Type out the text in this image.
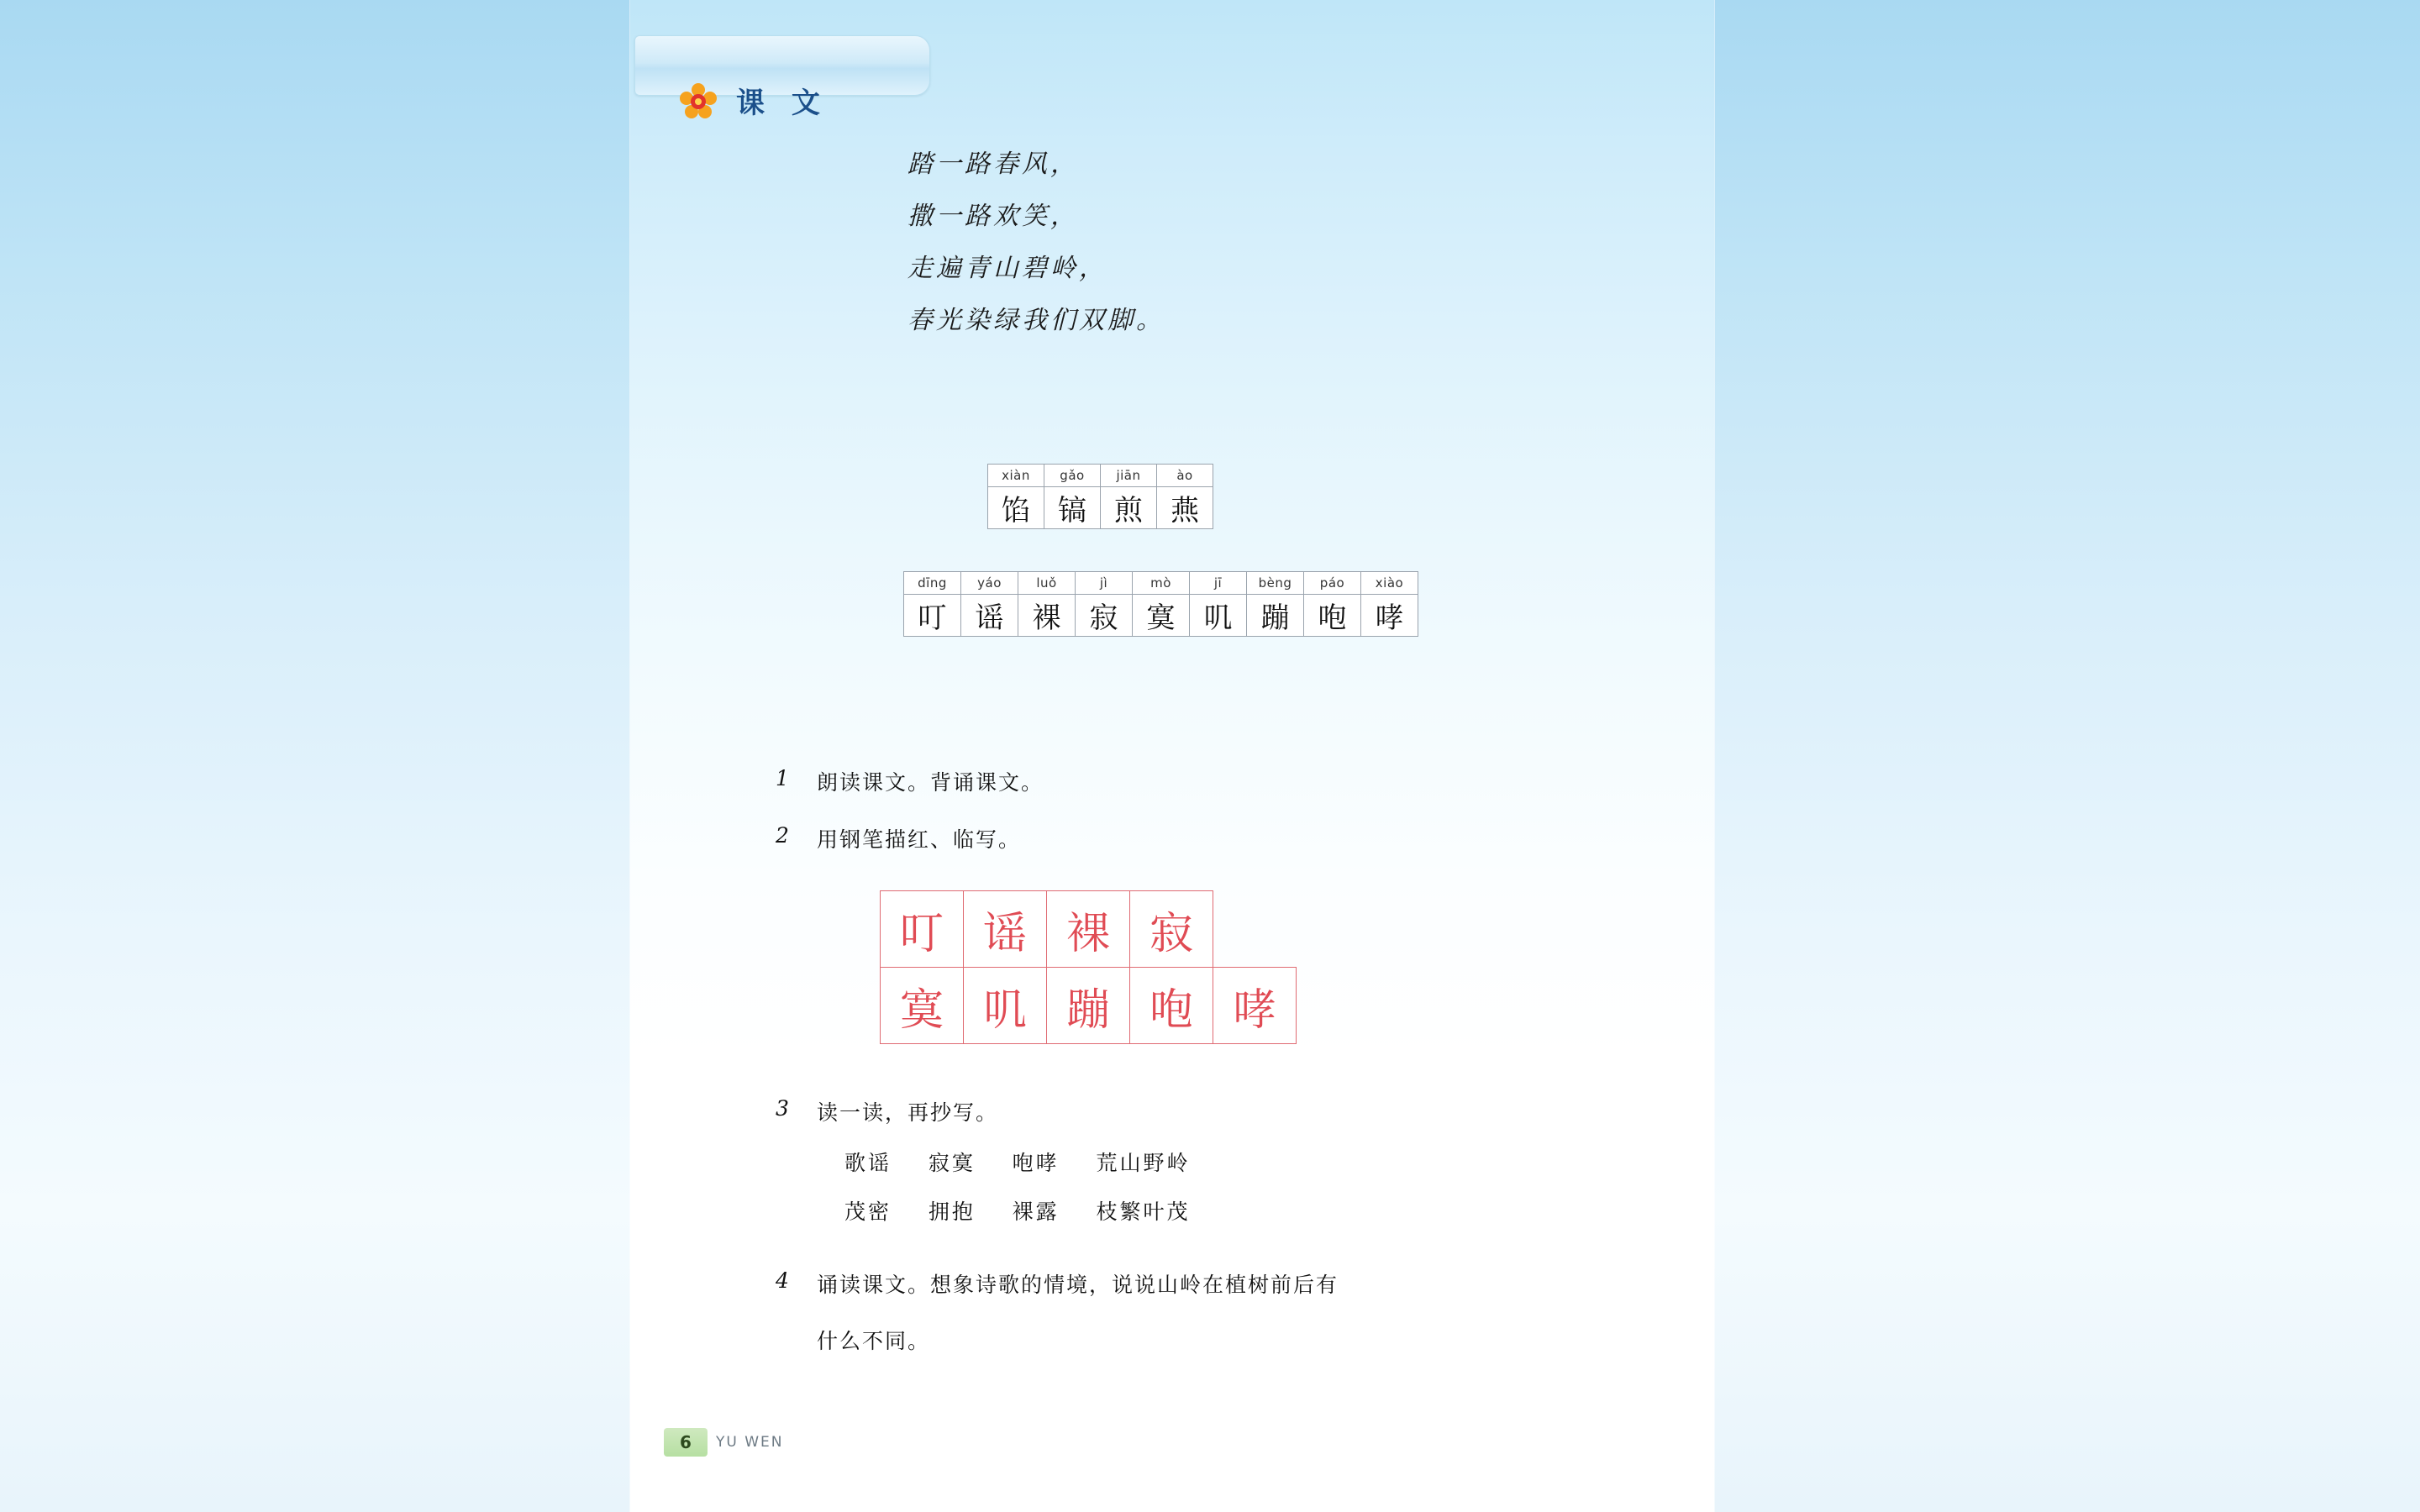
课 文
踏一路春风，
撒一路欢笑，
走遍青山碧岭，
春光染绿我们双脚。
xiàn	gǎo	jiān	ào
馅	镐	煎	燕
dīng	yáo	luǒ	jì	mò	jī	bèng	páo	xiào
叮	谣	裸	寂	寞	叽	蹦	咆	哮
1 朗读课文。背诵课文。
2 用钢笔描红、临写。
叮	谣	裸	寂	
寞	叽	蹦	咆	哮
3 读一读，再抄写。
歌谣 寂寞 咆哮 荒山野岭
茂密 拥抱 裸露 枝繁叶茂
4 诵读课文。想象诗歌的情境，说说山岭在植树前后有
什么不同。
6	YU WEN
